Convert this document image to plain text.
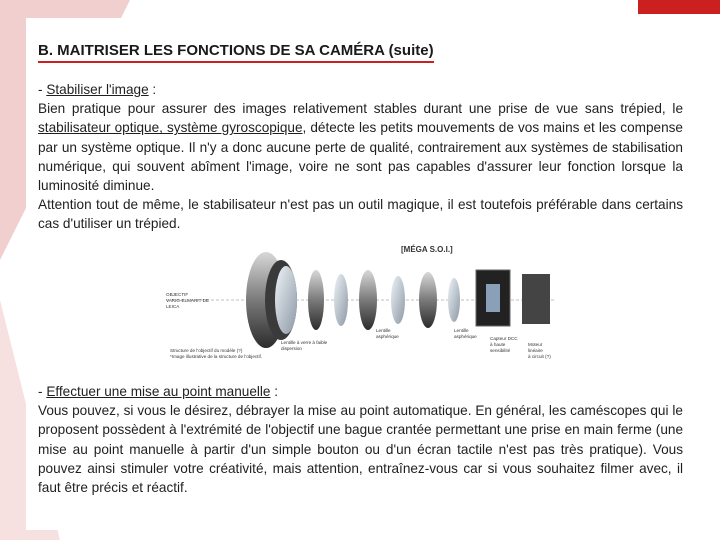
B. MAITRISER LES FONCTIONS DE SA CAMÉRA (suite)
- Stabiliser l'image :
Bien pratique pour assurer des images relativement stables durant une prise de vue sans trépied, le stabilisateur optique, système gyroscopique, détecte les petits mouvements de vos mains et les compense par un système optique. Il n'y a donc aucune perte de qualité, contrairement aux systèmes de stabilisation numérique, qui souvent abîment l'image, voire ne sont pas capables d'assurer leur fonction lorsque la luminosité diminue.
Attention tout de même, le stabilisateur n'est pas un outil magique, il est toutefois préférable dans certains cas d'utiliser un trépied.
[MÉGA S.O.I.]
OBJECTIF VARIO-ELMARIT DE LEICA
Lentille à verre à faible dispersion
Lentille asphérique
Lentille asphérique	Capteur DCC à haute sensibilité
Moteur linéaire à circuit (?)
Structure de l'objectif du modèle (?) *Image illustrative de la structure de l'objectif.
- Effectuer une mise au point manuelle :
Vous pouvez, si vous le désirez, débrayer la mise au point automatique. En général, les caméscopes qui le proposent possèdent à l'extrémité de l'objectif une bague crantée permettant une prise en main ferme (une mise au point manuelle à partir d'un simple bouton ou d'un écran tactile n'est pas très pratique). Vous pouvez ainsi stimuler votre créativité, mais attention, entraînez-vous car si vous souhaitez filmer avec, il faut être précis et réactif.
